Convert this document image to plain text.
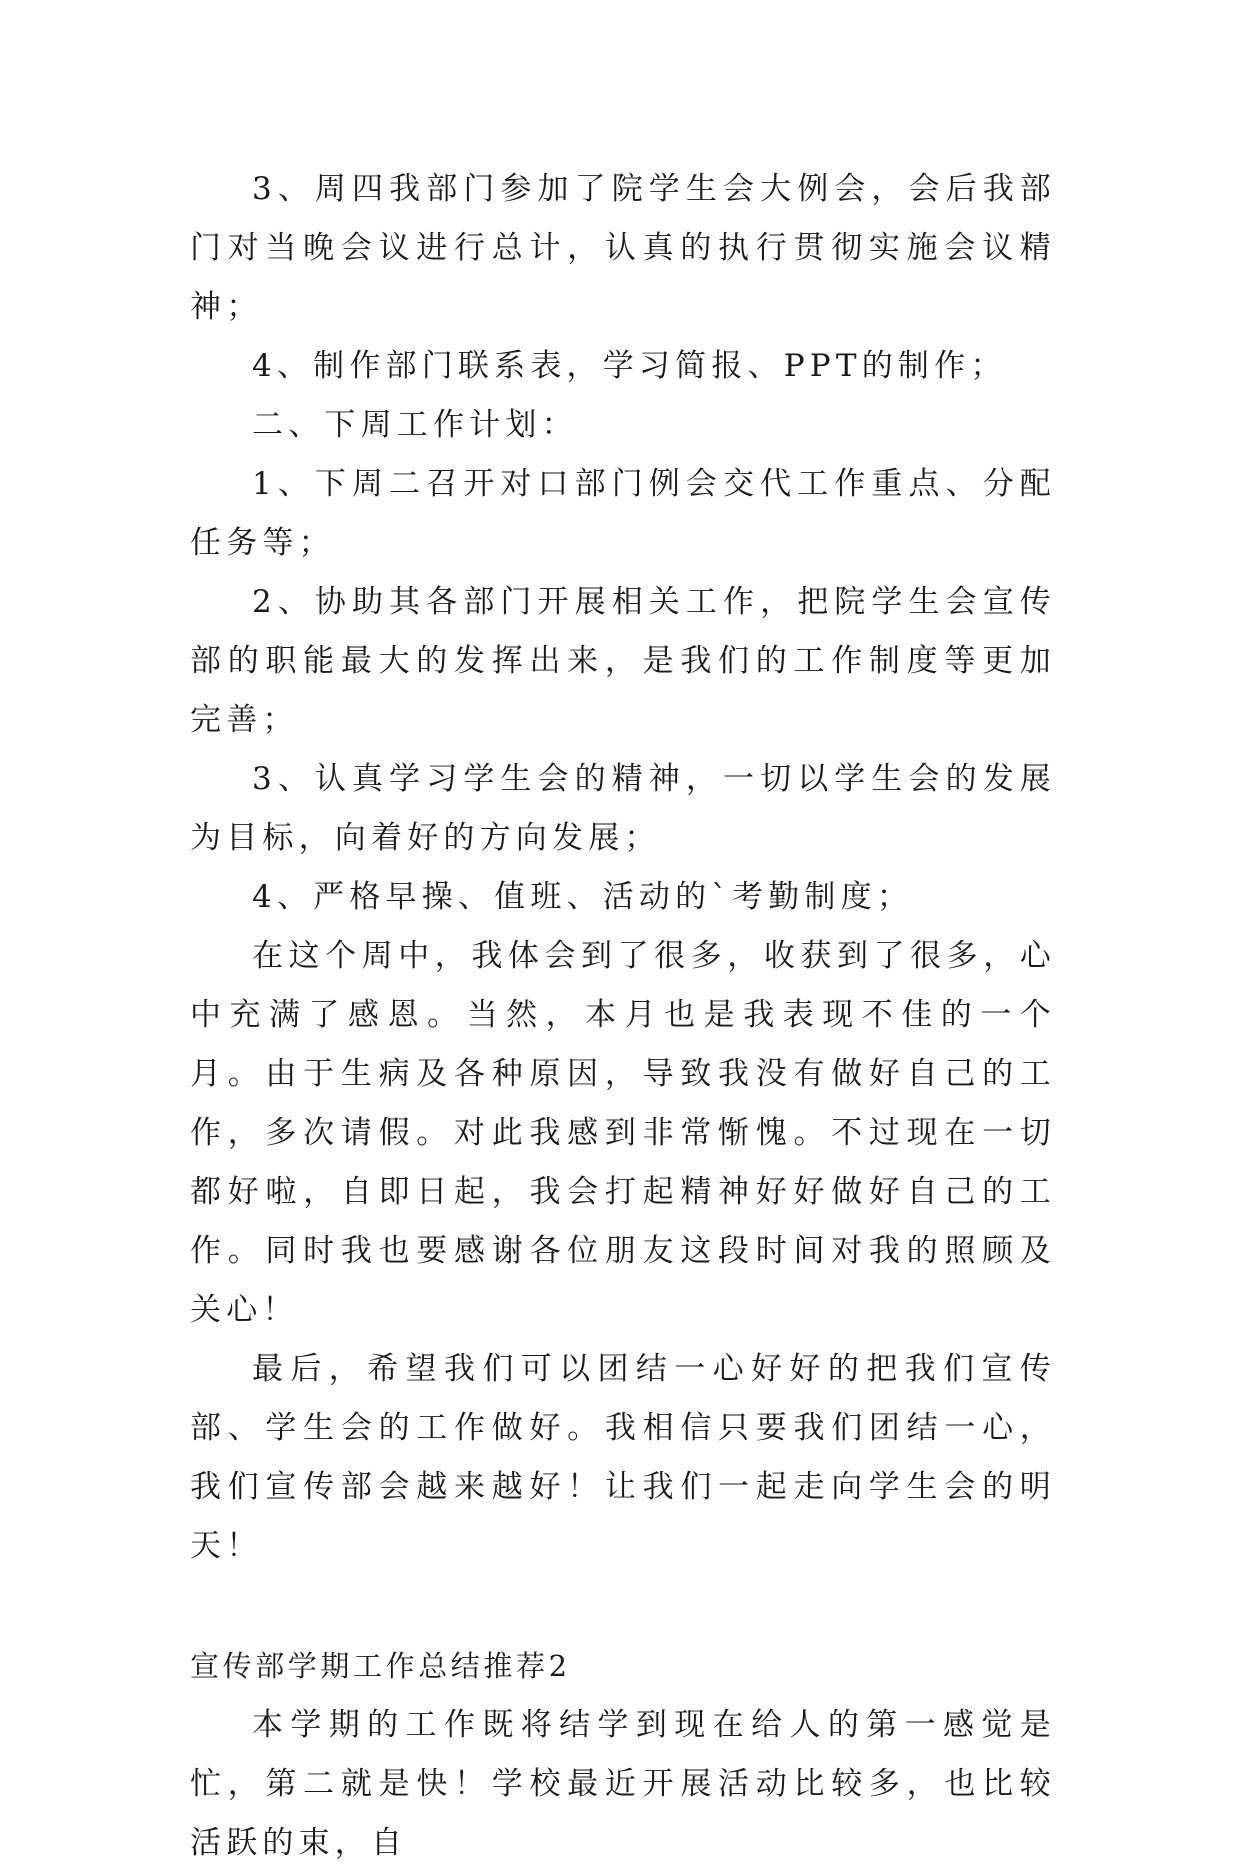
3、周四我部门参加了院学生会大例会，会后我部门对当晚会议进行总计，认真的执行贯彻实施会议精神；

4、制作部门联系表，学习简报、PPT的制作；

二、下周工作计划：

1、下周二召开对口部门例会交代工作重点、分配任务等；

2、协助其各部门开展相关工作，把院学生会宣传部的职能最大的发挥出来，是我们的工作制度等更加完善；

3、认真学习学生会的精神，一切以学生会的发展为目标，向着好的方向发展；

4、严格早操、值班、活动的`考勤制度；

在这个周中，我体会到了很多，收获到了很多，心中充满了感恩。当然，本月也是我表现不佳的一个月。由于生病及各种原因，导致我没有做好自己的工作，多次请假。对此我感到非常惭愧。不过现在一切都好啦，自即日起，我会打起精神好好做好自己的工作。同时我也要感谢各位朋友这段时间对我的照顾及关心！

最后，希望我们可以团结一心好好的把我们宣传部、学生会的工作做好。我相信只要我们团结一心，我们宣传部会越来越好！让我们一起走向学生会的明天！

宣传部学期工作总结推荐2

本学期的工作既将结学到现在给人的第一感觉是忙，第二就是快！学校最近开展活动比较多，也比较活跃的束，自
